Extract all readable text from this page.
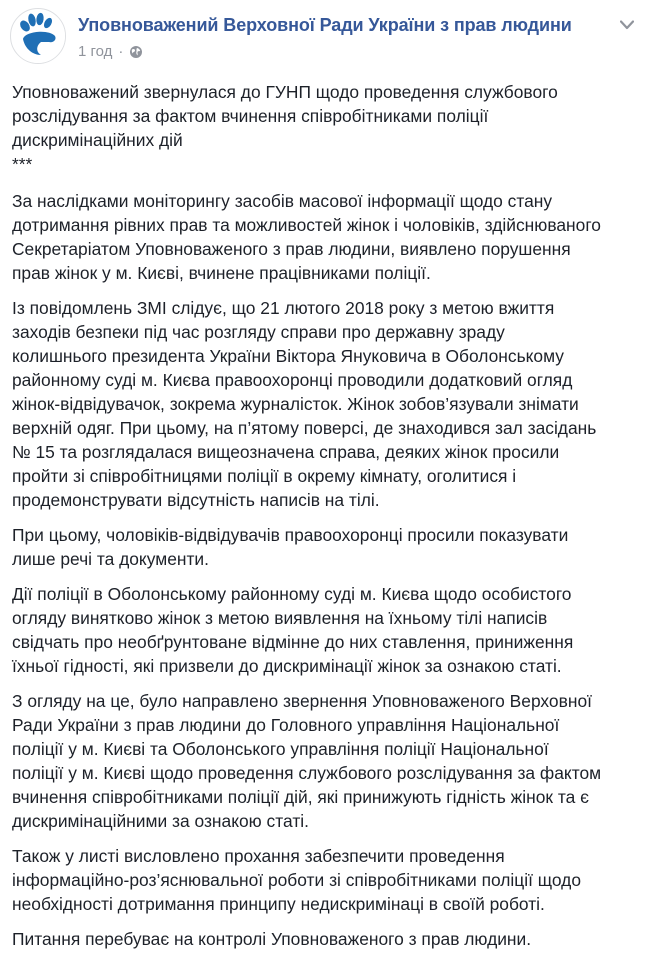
Уповноважений Верховної Ради України з прав людини
1 год ·

Уповноважений звернулася до ГУНП щодо проведення службового
розслідування за фактом вчинення співробітниками поліції
дискримінаційних дій
***

За наслідками моніторингу засобів масової інформації щодо стану
дотримання рівних прав та можливостей жінок і чоловіків, здійснюваного
Секретаріатом Уповноваженого з прав людини, виявлено порушення
прав жінок у м. Києві, вчинене працівниками поліції.

Із повідомлень ЗМІ слідує, що 21 лютого 2018 року з метою вжиття
заходів безпеки під час розгляду справи про державну зраду
колишнього президента України Віктора Януковича в Оболонському
районному суді м. Києва правоохоронці проводили додатковий огляд
жінок-відвідувачок, зокрема журналісток. Жінок зобов’язували знімати
верхній одяг. При цьому, на п’ятому поверсі, де знаходився зал засідань
№ 15 та розглядалася вищеозначена справа, деяких жінок просили
пройти зі співробітницями поліції в окрему кімнату, оголитися і
продемонструвати відсутність написів на тілі.

При цьому, чоловіків-відвідувачів правоохоронці просили показувати
лише речі та документи.

Дії поліції в Оболонському районному суді м. Києва щодо особистого
огляду винятково жінок з метою виявлення на їхньому тілі написів
свідчать про необґрунтоване відмінне до них ставлення, приниження
їхньої гідності, які призвели до дискримінації жінок за ознакою статі.

З огляду на це, було направлено звернення Уповноваженого Верховної
Ради України з прав людини до Головного управління Національної
поліції у м. Києві та Оболонського управління поліції Національної
поліції у м. Києві щодо проведення службового розслідування за фактом
вчинення співробітниками поліції дій, які принижують гідність жінок та є
дискримінаційними за ознакою статі.

Також у листі висловлено прохання забезпечити проведення
інформаційно-роз’яснювальної роботи зі співробітниками поліції щодо
необхідності дотримання принципу недискримінаці в своїй роботі.

Питання перебуває на контролі Уповноваженого з прав людини.
